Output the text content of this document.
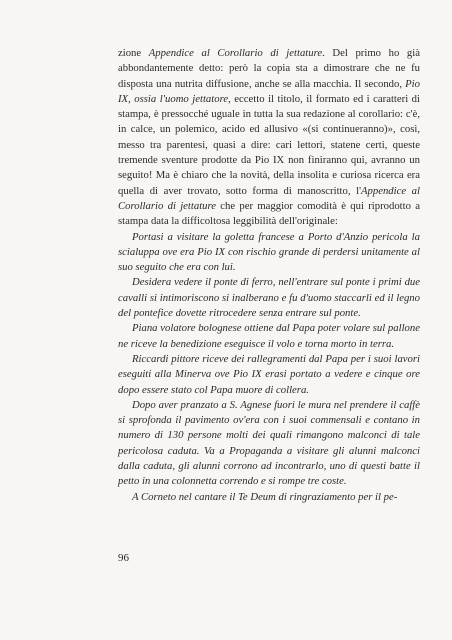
zione Appendice al Corollario di jettature. Del primo ho già abbondantemente detto: però la copia sta a dimostrare che ne fu disposta una nutrita diffusione, anche se alla macchia. Il secondo, Pio IX, ossia l'uomo jettatore, eccetto il titolo, il formato ed i caratteri di stampa, è pressocché uguale in tutta la sua redazione al corollario: c'è, in calce, un polemico, acido ed allusivo «(si continueranno)», così, messo tra parentesi, quasi a dire: cari lettori, statene certi, queste tremende sventure prodotte da Pio IX non finiranno qui, avranno un seguito! Ma è chiaro che la novità, della insolita e curiosa ricerca era quella di aver trovato, sotto forma di manoscritto, l'Appendice al Corollario di jettature che per maggior comodità è qui riprodotto a stampa data la difficoltosa leggibilità dell'originale:

Portasi a visitare la goletta francese a Porto d'Anzio pericola la scialuppa ove era Pio IX con rischio grande di perdersi unitamente al suo seguito che era con lui.

Desidera vedere il ponte di ferro, nell'entrare sul ponte i primi due cavalli si intimoriscono si inalberano e fu d'uomo staccarli ed il legno del pontefice dovette ritrocedere senza entrare sul ponte.

Piana volatore bolognese ottiene dal Papa poter volare sul pallone ne riceve la benedizione eseguisce il volo e torna morto in terra.

Riccardi pittore riceve dei rallegramenti dal Papa per i suoi lavori eseguiti alla Minerva ove Pio IX erasi portato a vedere e cinque ore dopo essere stato col Papa muore di collera.

Dopo aver pranzato a S. Agnese fuori le mura nel prendere il caffè si sprofonda il pavimento ov'era con i suoi commensali e contano in numero di 130 persone molti dei quali rimangono malconci di tale pericolosa caduta. Va a Propaganda a visitare gli alunni malconci dalla caduta, gli alunni corrono ad incontrarlo, uno di questi batte il petto in una colonnetta correndo e si rompe tre coste.

A Corneto nel cantare il Te Deum di ringraziamento per il pe-

96
